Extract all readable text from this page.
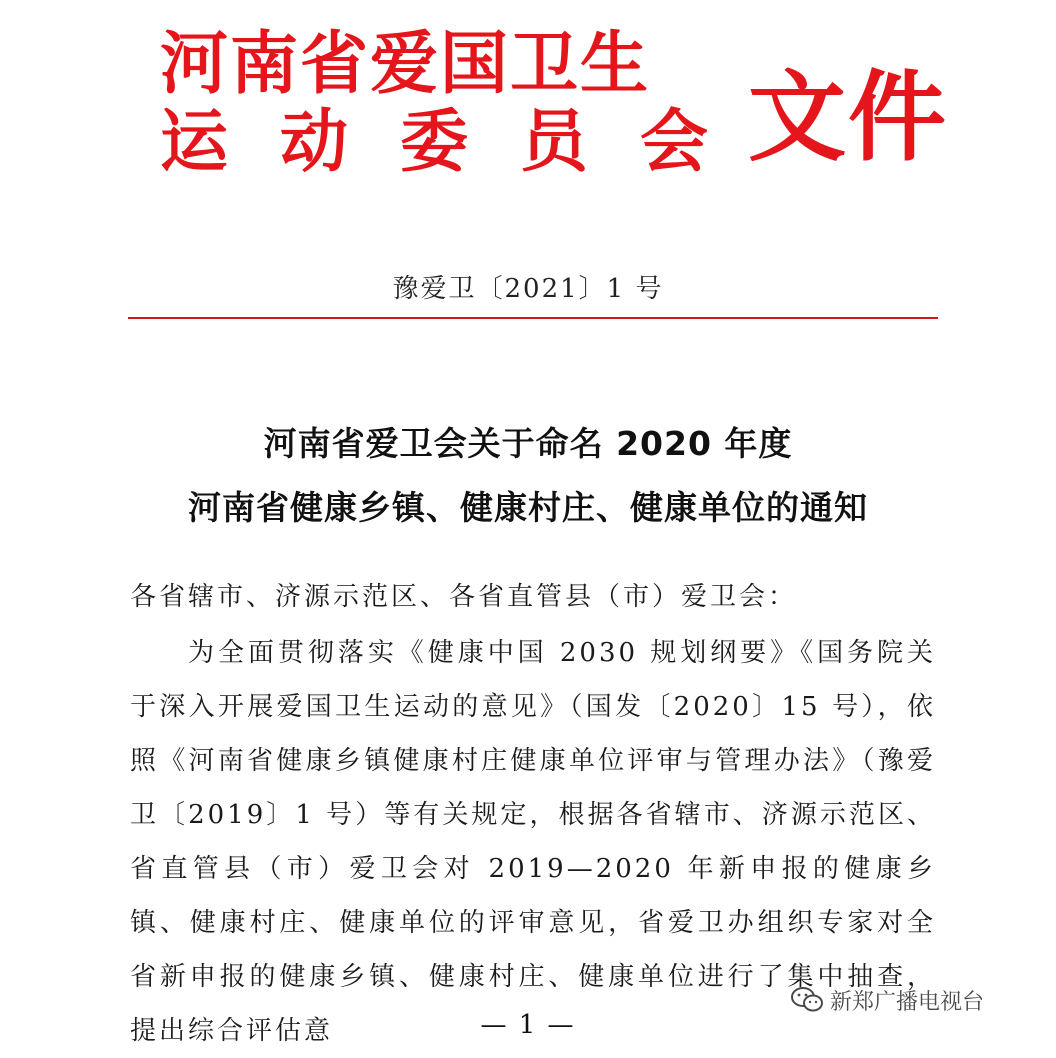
河南省爱国卫生
运动委员会
文件
豫爱卫〔2021〕1 号
河南省爱卫会关于命名 2020 年度
河南省健康乡镇、健康村庄、健康单位的通知
各省辖市、济源示范区、各省直管县（市）爱卫会：
为全面贯彻落实《健康中国 2030 规划纲要》《国务院关于深入开展爱国卫生运动的意见》（国发〔2020〕15 号），依照《河南省健康乡镇健康村庄健康单位评审与管理办法》（豫爱卫〔2019〕1 号）等有关规定，根据各省辖市、济源示范区、省直管县（市）爱卫会对 2019—2020 年新申报的健康乡镇、健康村庄、健康单位的评审意见，省爱卫办组织专家对全省新申报的健康乡镇、健康村庄、健康单位进行了集中抽查，提出综合评估意
新郑广播电视台
— 1 —
